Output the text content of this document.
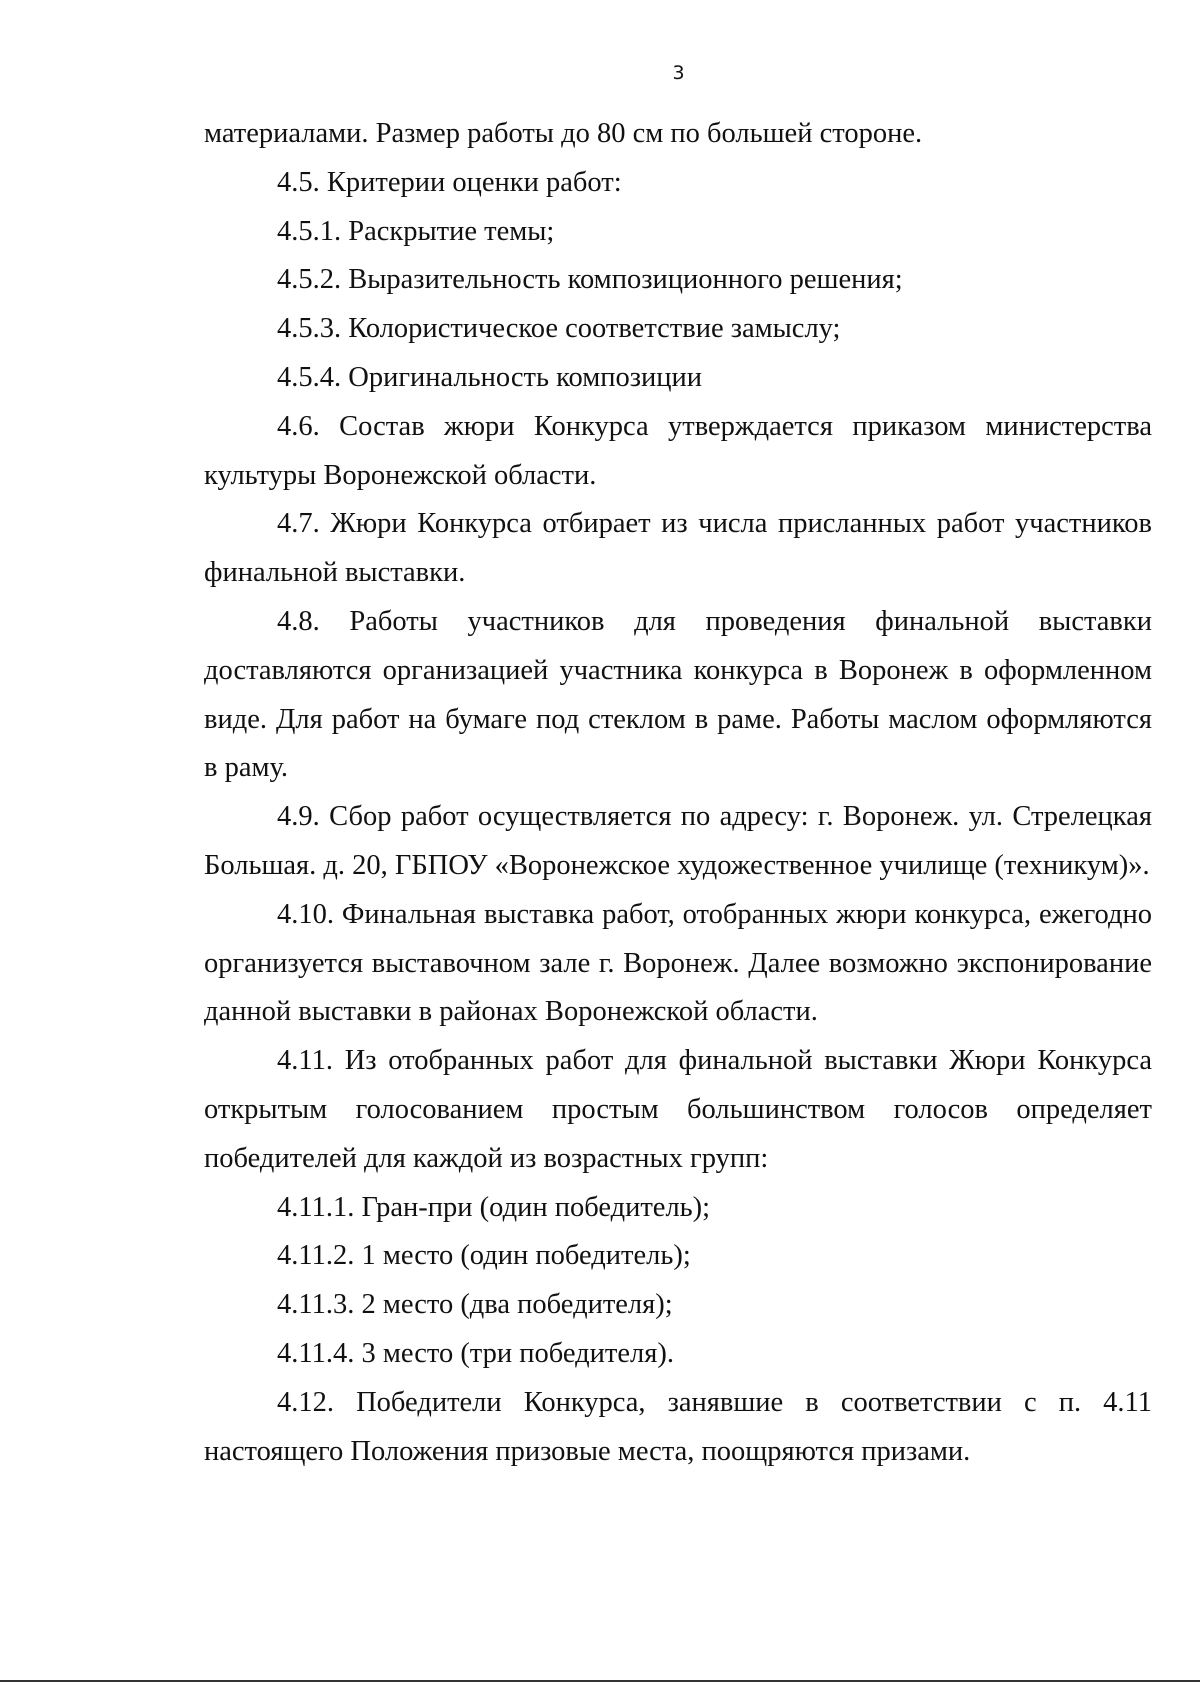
3

материалами. Размер работы до 80 см по большей стороне.

4.5. Критерии оценки работ:

4.5.1. Раскрытие темы;

4.5.2. Выразительность композиционного решения;

4.5.3. Колористическое соответствие замыслу;

4.5.4. Оригинальность композиции

4.6. Состав жюри Конкурса утверждается приказом министерства культуры Воронежской области.

4.7. Жюри Конкурса отбирает из числа присланных работ участников финальной выставки.

4.8. Работы участников для проведения финальной выставки доставляются организацией участника конкурса в Воронеж в оформленном виде. Для работ на бумаге под стеклом в раме. Работы маслом оформляются в раму.

4.9. Сбор работ осуществляется по адресу: г. Воронеж. ул. Стрелецкая Большая. д. 20, ГБПОУ «Воронежское художественное училище (техникум)».

4.10. Финальная выставка работ, отобранных жюри конкурса, ежегодно организуется выставочном зале г. Воронеж. Далее возможно экспонирование данной выставки в районах Воронежской области.

4.11. Из отобранных работ для финальной выставки Жюри Конкурса открытым голосованием простым большинством голосов определяет победителей для каждой из возрастных групп:

4.11.1. Гран-при (один победитель);

4.11.2. 1 место (один победитель);

4.11.3. 2 место (два победителя);

4.11.4. 3 место (три победителя).

4.12. Победители Конкурса, занявшие в соответствии с п. 4.11 настоящего Положения призовые места, поощряются призами.
